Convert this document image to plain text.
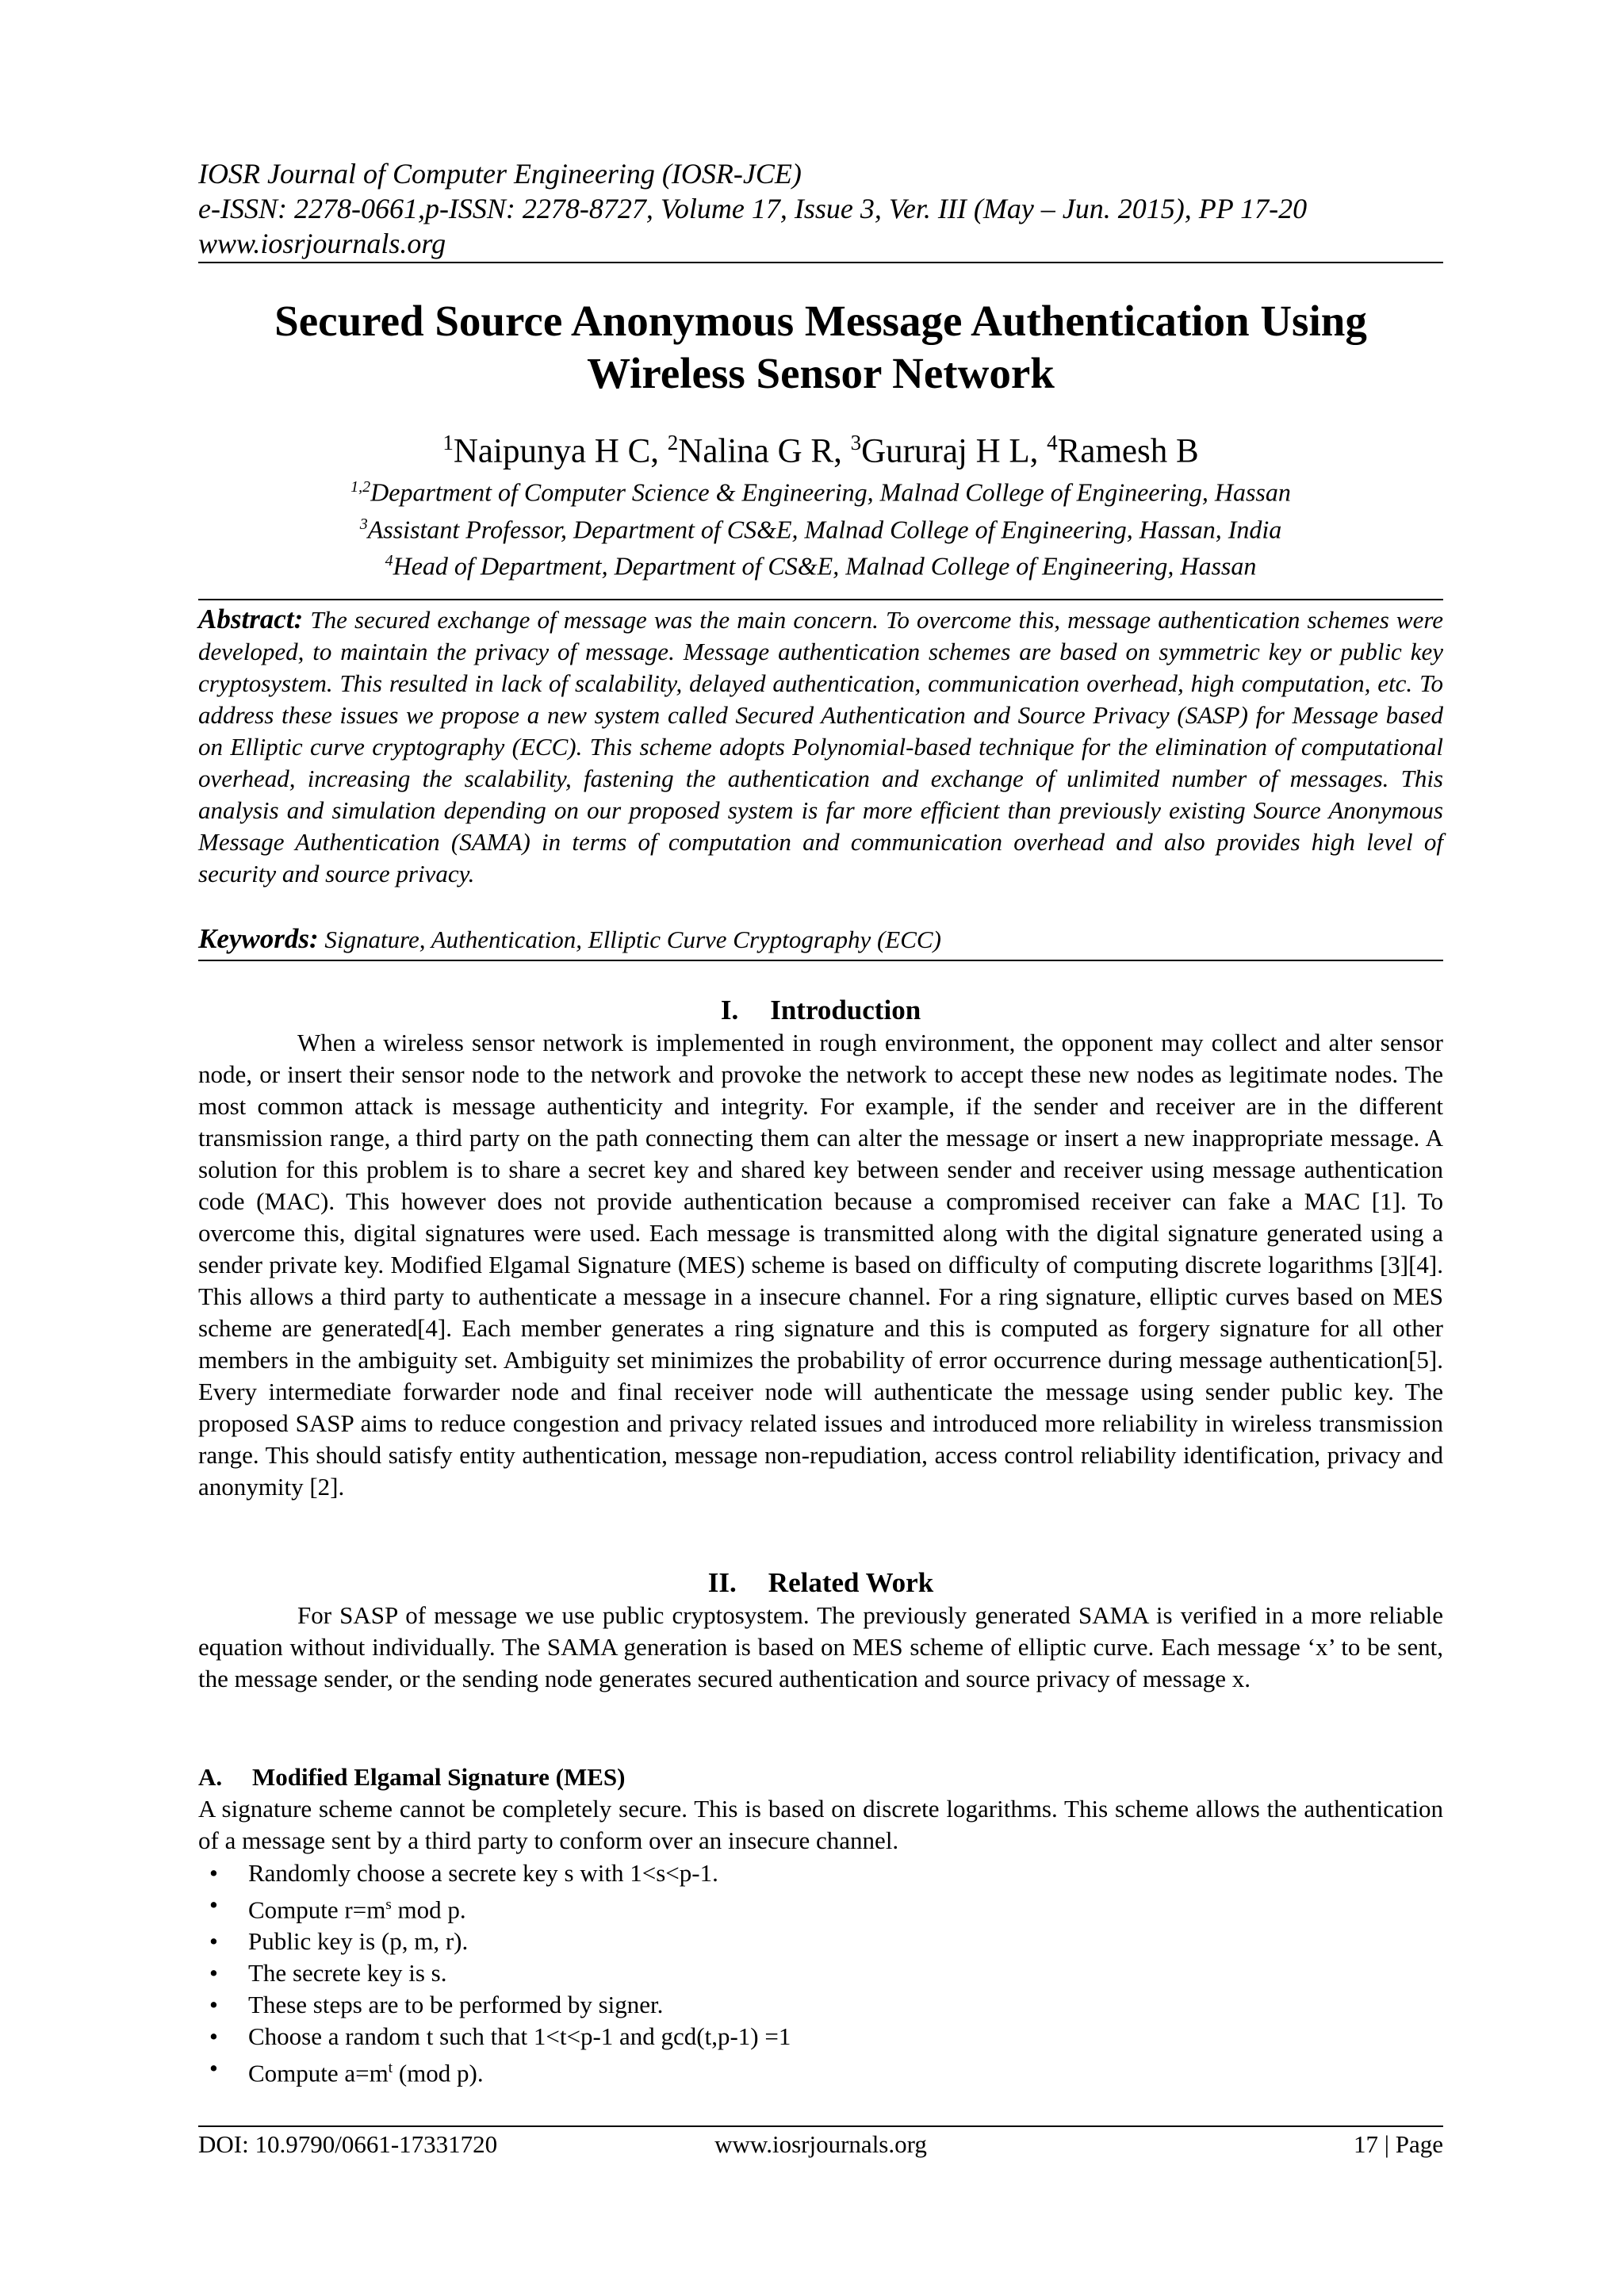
IOSR Journal of Computer Engineering (IOSR-JCE)
e-ISSN: 2278-0661,p-ISSN: 2278-8727, Volume 17, Issue 3, Ver. III (May – Jun. 2015), PP 17-20
www.iosrjournals.org
Secured Source Anonymous Message Authentication Using
Wireless Sensor Network
$^1$Naipunya H C, $^2$Nalina G R, $^3$Gururaj H L, $^4$Ramesh B
$^{1,2}$Department of Computer Science & Engineering, Malnad College of Engineering, Hassan
$^3$Assistant Professor, Department of CS&E, Malnad College of Engineering, Hassan, India
$^4$Head of Department, Department of CS&E, Malnad College of Engineering, Hassan
Abstract: The secured exchange of message was the main concern. To overcome this, message authentication schemes were developed, to maintain the privacy of message. Message authentication schemes are based on symmetric key or public key cryptosystem. This resulted in lack of scalability, delayed authentication, communication overhead, high computation, etc. To address these issues we propose a new system called Secured Authentication and Source Privacy (SASP) for Message based on Elliptic curve cryptography (ECC). This scheme adopts Polynomial-based technique for the elimination of computational overhead, increasing the scalability, fastening the authentication and exchange of unlimited number of messages. This analysis and simulation depending on our proposed system is far more efficient than previously existing Source Anonymous Message Authentication (SAMA) in terms of computation and communication overhead and also provides high level of security and source privacy.
Keywords: Signature, Authentication, Elliptic Curve Cryptography (ECC)
I. Introduction
When a wireless sensor network is implemented in rough environment, the opponent may collect and alter sensor node, or insert their sensor node to the network and provoke the network to accept these new nodes as legitimate nodes. The most common attack is message authenticity and integrity. For example, if the sender and receiver are in the different transmission range, a third party on the path connecting them can alter the message or insert a new inappropriate message. A solution for this problem is to share a secret key and shared key between sender and receiver using message authentication code (MAC). This however does not provide authentication because a compromised receiver can fake a MAC [1]. To overcome this, digital signatures were used. Each message is transmitted along with the digital signature generated using a sender private key. Modified Elgamal Signature (MES) scheme is based on difficulty of computing discrete logarithms [3][4]. This allows a third party to authenticate a message in a insecure channel. For a ring signature, elliptic curves based on MES scheme are generated[4]. Each member generates a ring signature and this is computed as forgery signature for all other members in the ambiguity set. Ambiguity set minimizes the probability of error occurrence during message authentication[5]. Every intermediate forwarder node and final receiver node will authenticate the message using sender public key. The proposed SASP aims to reduce congestion and privacy related issues and introduced more reliability in wireless transmission range. This should satisfy entity authentication, message non-repudiation, access control reliability identification, privacy and anonymity [2].
II. Related Work
For SASP of message we use public cryptosystem. The previously generated SAMA is verified in a more reliable equation without individually. The SAMA generation is based on MES scheme of elliptic curve. Each message ‘x’ to be sent, the message sender, or the sending node generates secured authentication and source privacy of message x.
A. Modified Elgamal Signature (MES)
A signature scheme cannot be completely secure. This is based on discrete logarithms. This scheme allows the authentication of a message sent by a third party to conform over an insecure channel.
• Randomly choose a secrete key s with 1<s<p-1.
• Compute $r=m^s$ mod p.
• Public key is (p, m, r).
• The secrete key is s.
• These steps are to be performed by signer.
• Choose a random t such that 1<t<p-1 and gcd(t,p-1) =1
• Compute $a=m^t$ (mod p).
DOI: 10.9790/0661-17331720	www.iosrjournals.org	17 | Page
